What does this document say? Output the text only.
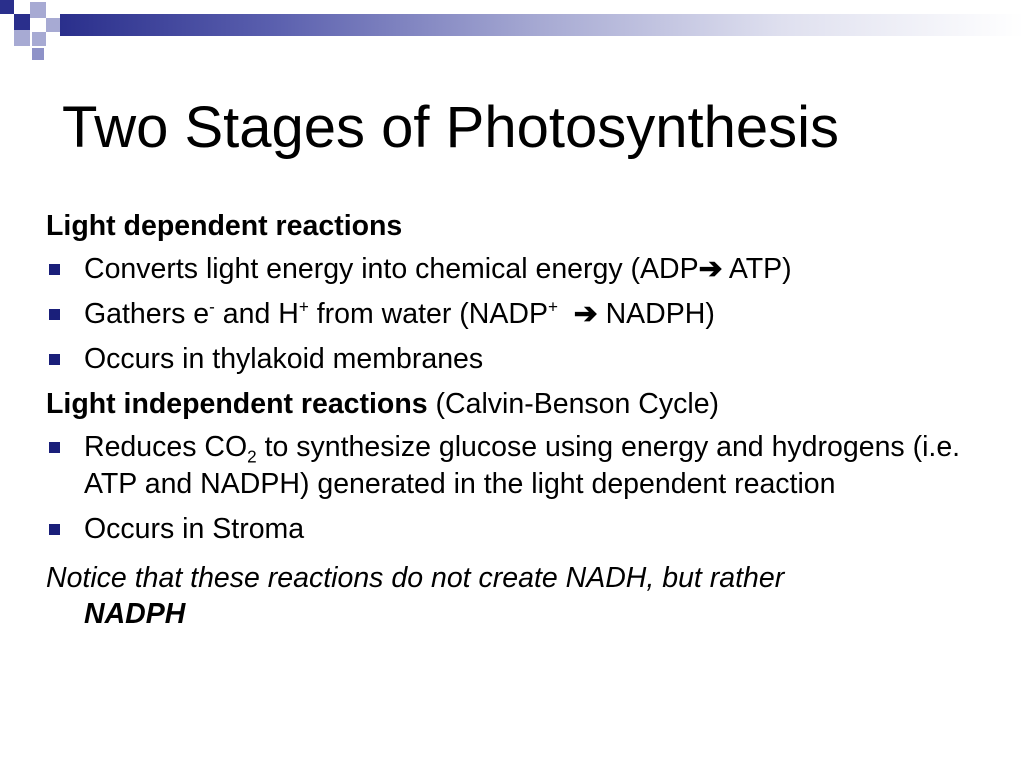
Two Stages of Photosynthesis
Light dependent reactions
Converts light energy into chemical energy (ADP➔ ATP)
Gathers e- and H+ from water (NADP+ ➔ NADPH)
Occurs in thylakoid membranes
Light independent reactions (Calvin-Benson Cycle)
Reduces $CO_2$ to synthesize glucose using energy and hydrogens (i.e. ATP and NADPH) generated in the light dependent reaction
Occurs in Stroma

Notice that these reactions do not create NADH, but rather
NADPH
